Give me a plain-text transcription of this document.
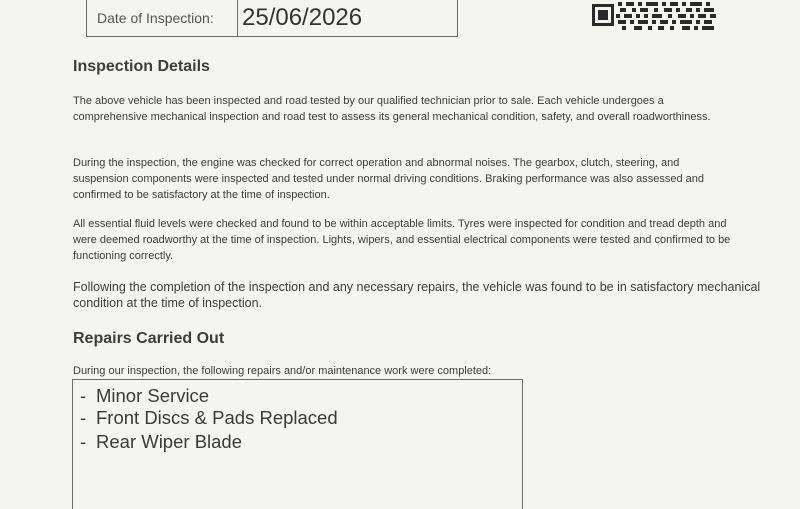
Date of Inspection:	25/06/2026
Inspection Details

The above vehicle has been inspected and road tested by our qualified technician prior to sale. Each vehicle undergoes a comprehensive mechanical inspection and road test to assess its general mechanical condition, safety, and overall roadworthiness.

During the inspection, the engine was checked for correct operation and abnormal noises. The gearbox, clutch, steering, and suspension components were inspected and tested under normal driving conditions. Braking performance was also assessed and confirmed to be satisfactory at the time of inspection.

All essential fluid levels were checked and found to be within acceptable limits. Tyres were inspected for condition and tread depth and were deemed roadworthy at the time of inspection. Lights, wipers, and essential electrical components were tested and confirmed to be functioning correctly.

Following the completion of the inspection and any necessary repairs, the vehicle was found to be in satisfactory mechanical condition at the time of inspection.

Repairs Carried Out

During our inspection, the following repairs and/or maintenance work were completed:

- Minor Service
- Front Discs & Pads Replaced
- Rear Wiper Blade
